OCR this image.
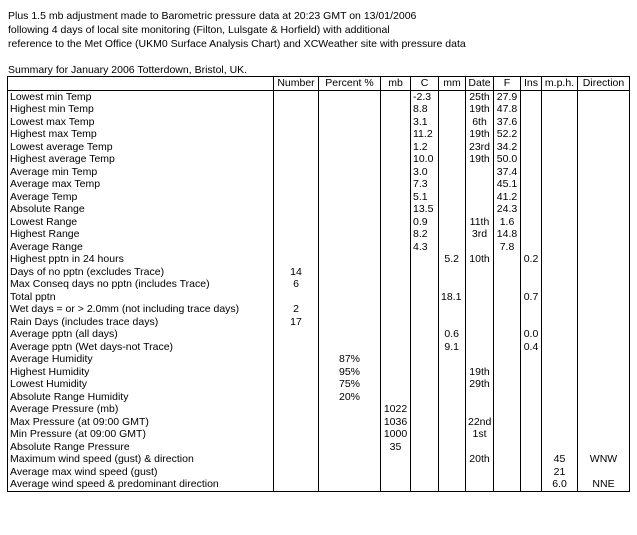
Plus 1.5 mb adjustment made to Barometric pressure data at 20:23 GMT on 13/01/2006
following 4 days of local site monitoring (Filton, Lulsgate & Horfield) with additional
reference to the Met Office (UKM0 Surface Analysis Chart) and XCWeather site with pressure data
Summary for January 2006 Totterdown, Bristol, UK.
	Number	Percent %	mb	C	mm	Date	F	Ins	m.p.h.	Direction
Lowest min Temp				-2.3		25th	27.9			
Highest min Temp				8.8		19th	47.8			
Lowest max Temp				3.1		6th	37.6			
Highest max Temp				11.2		19th	52.2			
Lowest average Temp				1.2		23rd	34.2			
Highest average Temp				10.0		19th	50.0			
Average min Temp				3.0			37.4			
Average max Temp				7.3			45.1			
Average Temp				5.1			41.2			
Absolute Range				13.5			24.3			
Lowest Range				0.9		11th	1.6			
Highest Range				8.2		3rd	14.8			
Average Range				4.3			7.8			
Highest pptn in 24 hours					5.2	10th		0.2		
Days of no pptn (excludes Trace)	14									
Max Conseq days no pptn (includes Trace)	6									
Total pptn					18.1			0.7		
Wet days = or > 2.0mm (not including trace days)	2									
Rain Days (includes trace days)	17									
Average pptn (all days)					0.6			0.0		
Average pptn (Wet days-not Trace)					9.1			0.4		
Average Humidity		87%								
Highest Humidity		95%				19th				
Lowest Humidity		75%				29th				
Absolute Range Humidity		20%								
Average Pressure (mb)			1022							
Max Pressure (at 09:00 GMT)			1036			22nd				
Min Pressure (at 09:00 GMT)			1000			1st				
Absolute Range Pressure			35							
Maximum wind speed (gust) & direction						20th			45	WNW
Average max wind speed (gust)									21	
Average wind speed & predominant direction									6.0	NNE
